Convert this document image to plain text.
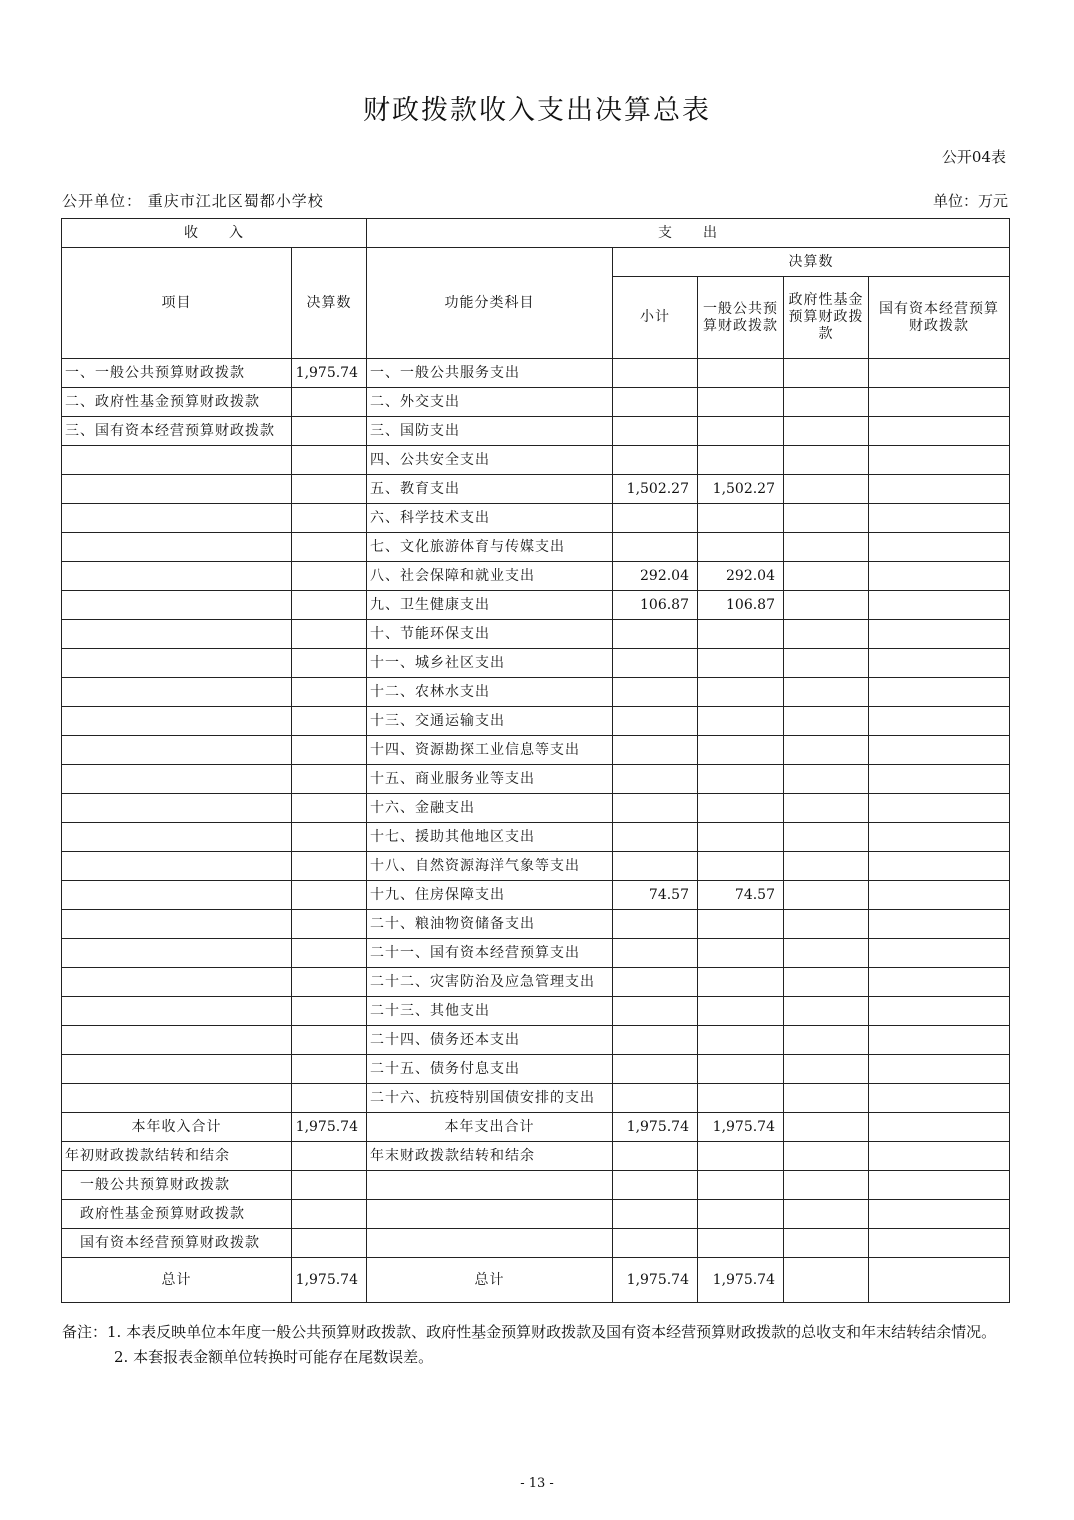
财政拨款收入支出决算总表
公开04表
公开单位： 重庆市江北区蜀都小学校	单位：万元
收　　入		支　　出				
项目	决算数	功能分类科目	决算数			
			小计	一般公共预算财政拨款	政府性基金预算财政拨款	国有资本经营预算财政拨款

一、一般公共预算财政拨款	1,975.74	一、一般公共服务支出				
二、政府性基金预算财政拨款		二、外交支出				
三、国有资本经营预算财政拨款		三、国防支出				
		四、公共安全支出				
		五、教育支出	1,502.27	1,502.27		
		六、科学技术支出				
		七、文化旅游体育与传媒支出				
		八、社会保障和就业支出	292.04	292.04		
		九、卫生健康支出	106.87	106.87		
		十、节能环保支出				
		十一、城乡社区支出				
		十二、农林水支出				
		十三、交通运输支出				
		十四、资源勘探工业信息等支出				
		十五、商业服务业等支出				
		十六、金融支出				
		十七、援助其他地区支出				
		十八、自然资源海洋气象等支出				
		十九、住房保障支出	74.57	74.57		
		二十、粮油物资储备支出				
		二十一、国有资本经营预算支出				
		二十二、灾害防治及应急管理支出				
		二十三、其他支出				
		二十四、债务还本支出				
		二十五、债务付息支出				
		二十六、抗疫特别国债安排的支出				
本年收入合计	1,975.74	本年支出合计	1,975.74	1,975.74		
年初财政拨款结转和结余		年末财政拨款结转和结余				
一般公共预算财政拨款						
政府性基金预算财政拨款						
国有资本经营预算财政拨款						
总计	1,975.74	总计	1,975.74	1,975.74		
备注：1. 本表反映单位本年度一般公共预算财政拨款、政府性基金预算财政拨款及国有资本经营预算财政拨款的总收支和年末结转结余情况。
2. 本套报表金额单位转换时可能存在尾数误差。
- 13 -
